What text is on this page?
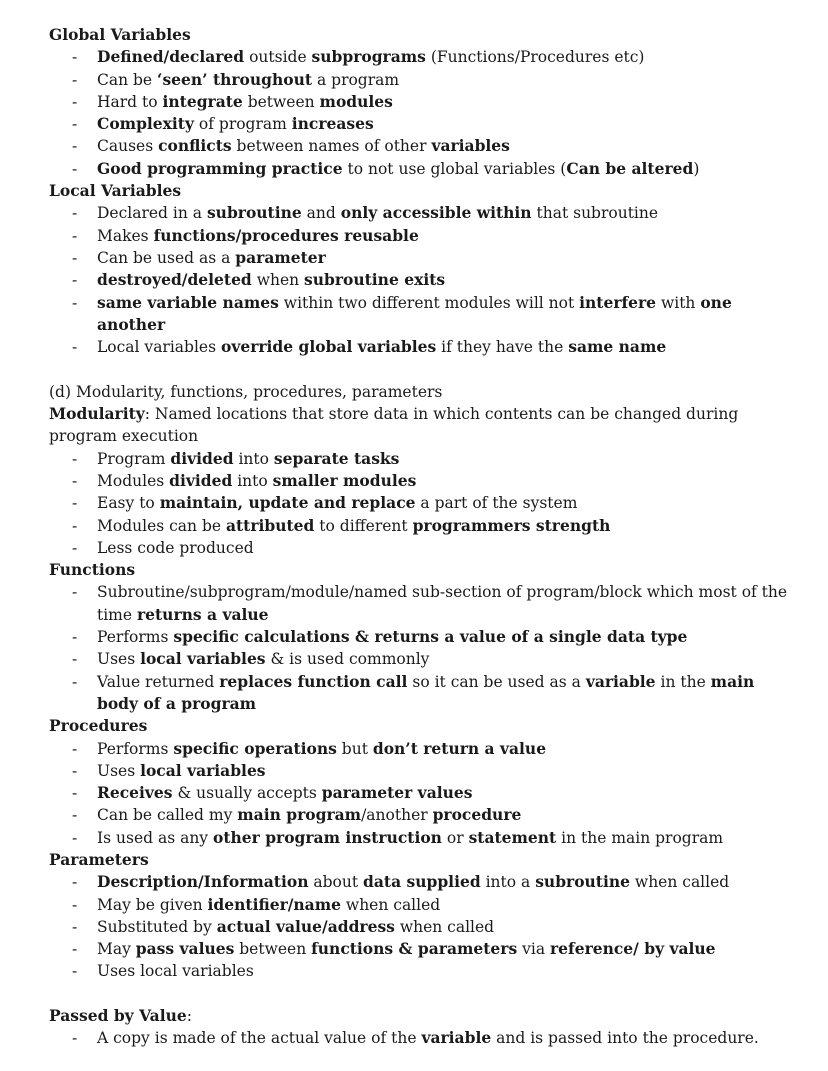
Global Variables

- Defined/declared outside subprograms (Functions/Procedures etc)
- Can be ‘seen’ throughout a program
- Hard to integrate between modules
- Complexity of program increases
- Causes conflicts between names of other variables
- Good programming practice to not use global variables (Can be altered)

Local Variables

- Declared in a subroutine and only accessible within that subroutine
- Makes functions/procedures reusable
- Can be used as a parameter
- destroyed/deleted when subroutine exits
- same variable names within two different modules will not interfere with one another
- Local variables override global variables if they have the same name

(d) Modularity, functions, procedures, parameters

Modularity: Named locations that store data in which contents can be changed during program execution

- Program divided into separate tasks
- Modules divided into smaller modules
- Easy to maintain, update and replace a part of the system
- Modules can be attributed to different programmers strength
- Less code produced

Functions

- Subroutine/subprogram/module/named sub-section of program/block which most of the time returns a value
- Performs specific calculations & returns a value of a single data type
- Uses local variables & is used commonly
- Value returned replaces function call so it can be used as a variable in the main body of a program

Procedures

- Performs specific operations but don’t return a value
- Uses local variables
- Receives & usually accepts parameter values
- Can be called my main program/another procedure
- Is used as any other program instruction or statement in the main program

Parameters

- Description/Information about data supplied into a subroutine when called
- May be given identifier/name when called
- Substituted by actual value/address when called
- May pass values between functions & parameters via reference/ by value
- Uses local variables

Passed by Value:

- A copy is made of the actual value of the variable and is passed into the procedure.
